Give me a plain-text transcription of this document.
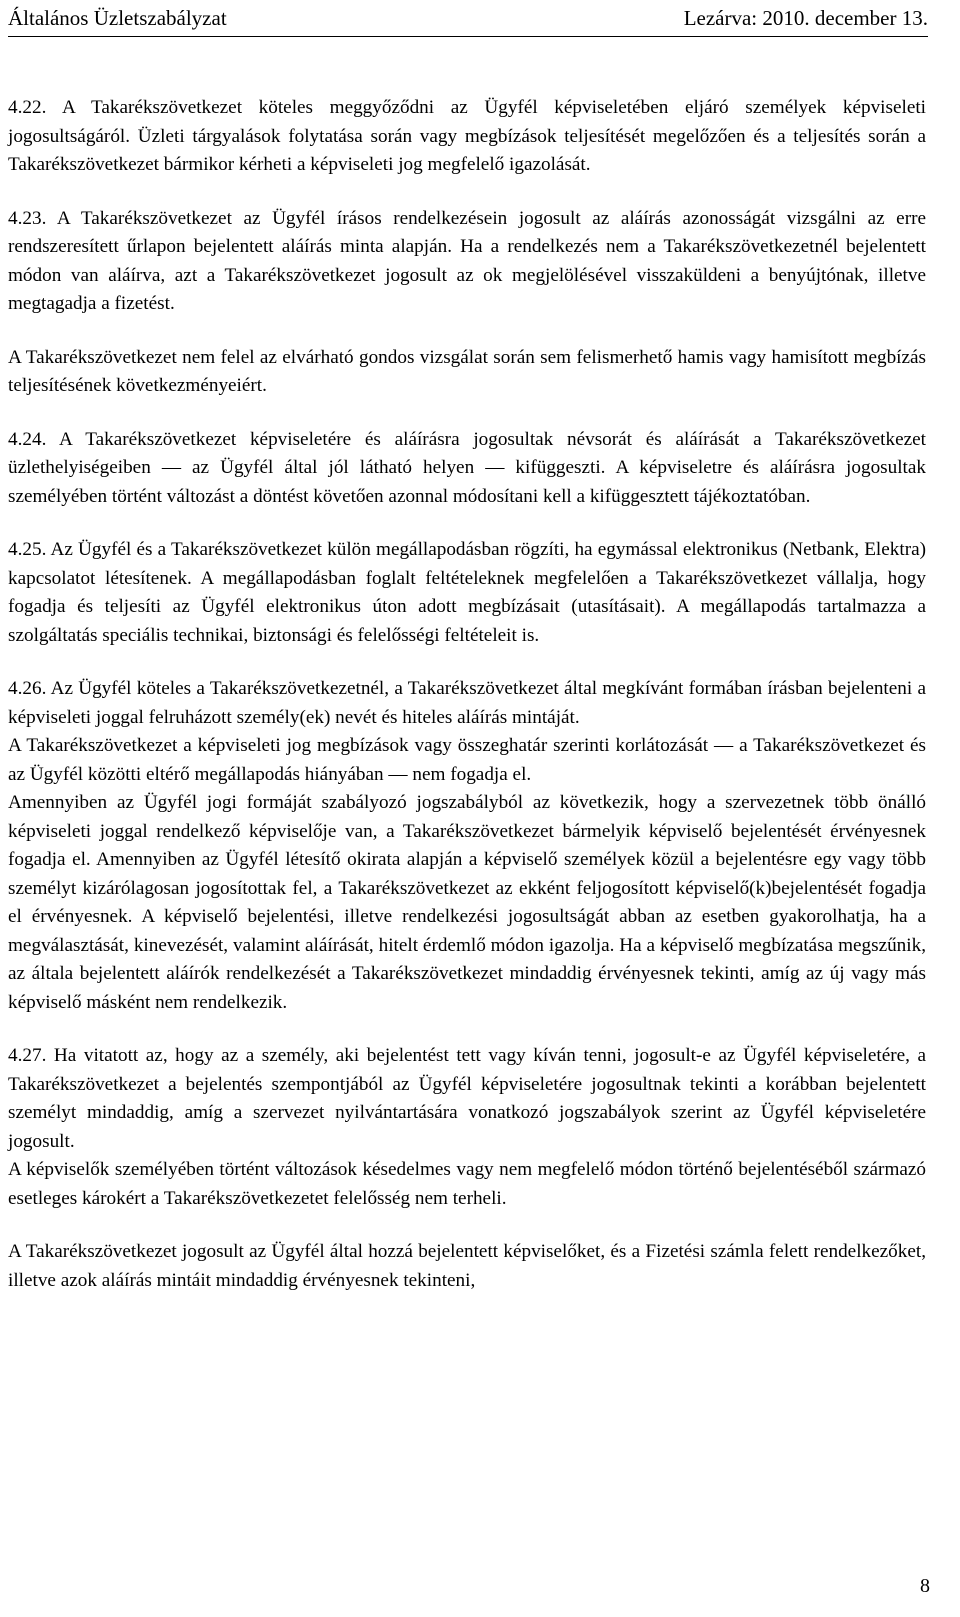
Általános Üzletszabályzat	Lezárva: 2010. december 13.

4.22. A Takarékszövetkezet köteles meggyőződni az Ügyfél képviseletében eljáró személyek képviseleti jogosultságáról. Üzleti tárgyalások folytatása során vagy megbízások teljesítését megelőzően és a teljesítés során a Takarékszövetkezet bármikor kérheti a képviseleti jog megfelelő igazolását.

4.23. A Takarékszövetkezet az Ügyfél írásos rendelkezésein jogosult az aláírás azonosságát vizsgálni az erre rendszeresített űrlapon bejelentett aláírás minta alapján. Ha a rendelkezés nem a Takarékszövetkezetnél bejelentett módon van aláírva, azt a Takarékszövetkezet jogosult az ok megjelölésével visszaküldeni a benyújtónak, illetve megtagadja a fizetést.

A Takarékszövetkezet nem felel az elvárható gondos vizsgálat során sem felismerhető hamis vagy hamisított megbízás teljesítésének következményeiért.

4.24. A Takarékszövetkezet képviseletére és aláírásra jogosultak névsorát és aláírását a Takarékszövetkezet üzlethelyiségeiben — az Ügyfél által jól látható helyen — kifüggeszti. A képviseletre és aláírásra jogosultak személyében történt változást a döntést követően azonnal módosítani kell a kifüggesztett tájékoztatóban.

4.25. Az Ügyfél és a Takarékszövetkezet külön megállapodásban rögzíti, ha egymással elektronikus (Netbank, Elektra) kapcsolatot létesítenek. A megállapodásban foglalt feltételeknek megfelelően a Takarékszövetkezet vállalja, hogy fogadja és teljesíti az Ügyfél elektronikus úton adott megbízásait (utasításait). A megállapodás tartalmazza a szolgáltatás speciális technikai, biztonsági és felelősségi feltételeit is.

4.26. Az Ügyfél köteles a Takarékszövetkezetnél, a Takarékszövetkezet által megkívánt formában írásban bejelenteni a képviseleti joggal felruházott személy(ek) nevét és hiteles aláírás mintáját.

A Takarékszövetkezet a képviseleti jog megbízások vagy összeghatár szerinti korlátozását — a Takarékszövetkezet és az Ügyfél közötti eltérő megállapodás hiányában — nem fogadja el.

Amennyiben az Ügyfél jogi formáját szabályozó jogszabályból az következik, hogy a szervezetnek több önálló képviseleti joggal rendelkező képviselője van, a Takarékszövetkezet bármelyik képviselő bejelentését érvényesnek fogadja el. Amennyiben az Ügyfél létesítő okirata alapján a képviselő személyek közül a bejelentésre egy vagy több személyt kizárólagosan jogosítottak fel, a Takarékszövetkezet az ekként feljogosított képviselő(k)bejelentését fogadja el érvényesnek. A képviselő bejelentési, illetve rendelkezési jogosultságát abban az esetben gyakorolhatja, ha a megválasztását, kinevezését, valamint aláírását, hitelt érdemlő módon igazolja. Ha a képviselő megbízatása megszűnik, az általa bejelentett aláírók rendelkezését a Takarékszövetkezet mindaddig érvényesnek tekinti, amíg az új vagy más képviselő másként nem rendelkezik.

4.27. Ha vitatott az, hogy az a személy, aki bejelentést tett vagy kíván tenni, jogosult-e az Ügyfél képviseletére, a Takarékszövetkezet a bejelentés szempontjából az Ügyfél képviseletére jogosultnak tekinti a korábban bejelentett személyt mindaddig, amíg a szervezet nyilvántartására vonatkozó jogszabályok szerint az Ügyfél képviseletére jogosult.

A képviselők személyében történt változások késedelmes vagy nem megfelelő módon történő bejelentéséből származó esetleges károkért a Takarékszövetkezetet felelősség nem terheli.

A Takarékszövetkezet jogosult az Ügyfél által hozzá bejelentett képviselőket, és a Fizetési számla felett rendelkezőket, illetve azok aláírás mintáit mindaddig érvényesnek tekinteni,

8
